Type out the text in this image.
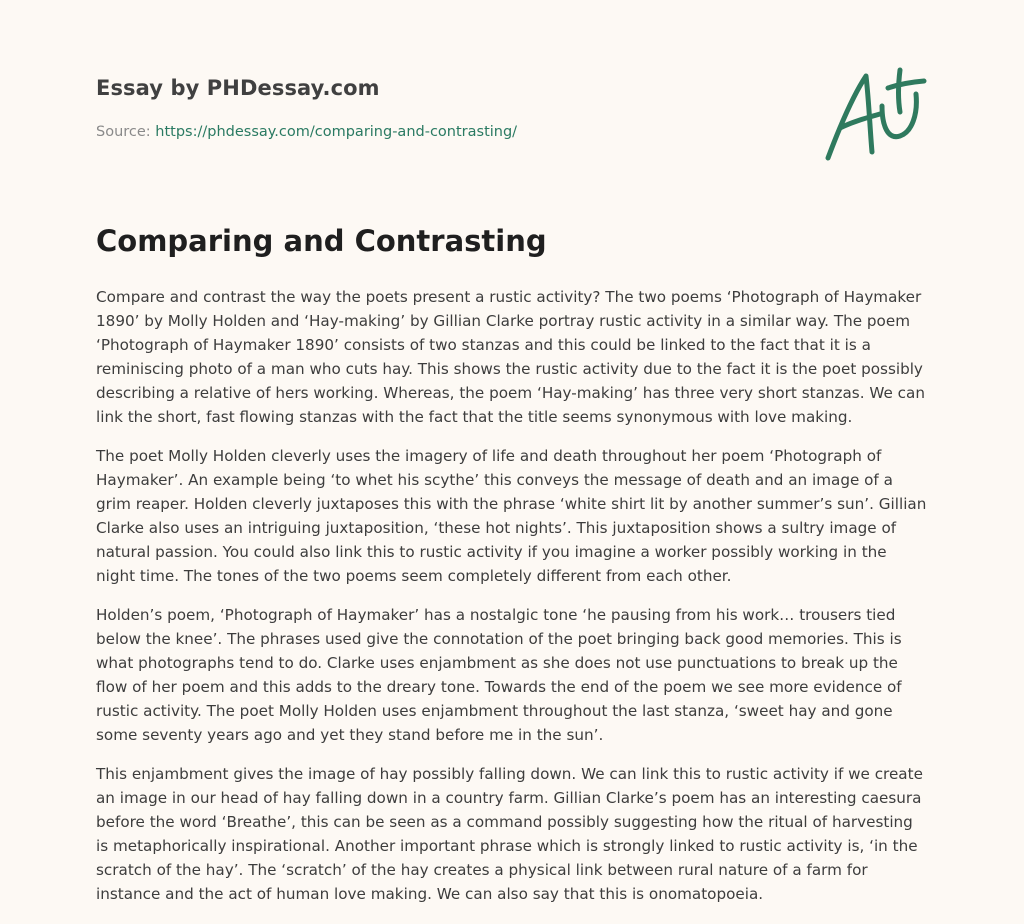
Essay by PHDessay.com

Source: https://phdessay.com/comparing-and-contrasting/

Comparing and Contrasting

Compare and contrast the way the poets present a rustic activity? The two poems ‘Photograph of Haymaker 1890’ by Molly Holden and ‘Hay-making’ by Gillian Clarke portray rustic activity in a similar way. The poem ‘Photograph of Haymaker 1890’ consists of two stanzas and this could be linked to the fact that it is a reminiscing photo of a man who cuts hay. This shows the rustic activity due to the fact it is the poet possibly describing a relative of hers working. Whereas, the poem ‘Hay-making’ has three very short stanzas. We can link the short, fast flowing stanzas with the fact that the title seems synonymous with love making.

The poet Molly Holden cleverly uses the imagery of life and death throughout her poem ‘Photograph of Haymaker’. An example being ‘to whet his scythe’ this conveys the message of death and an image of a grim reaper. Holden cleverly juxtaposes this with the phrase ‘white shirt lit by another summer’s sun’. Gillian Clarke also uses an intriguing juxtaposition, ‘these hot nights’. This juxtaposition shows a sultry image of natural passion. You could also link this to rustic activity if you imagine a worker possibly working in the night time. The tones of the two poems seem completely different from each other.

Holden’s poem, ‘Photograph of Haymaker’ has a nostalgic tone ‘he pausing from his work… trousers tied below the knee’. The phrases used give the connotation of the poet bringing back good memories. This is what photographs tend to do. Clarke uses enjambment as she does not use punctuations to break up the flow of her poem and this adds to the dreary tone. Towards the end of the poem we see more evidence of rustic activity. The poet Molly Holden uses enjambment throughout the last stanza, ‘sweet hay and gone some seventy years ago and yet they stand before me in the sun’.

This enjambment gives the image of hay possibly falling down. We can link this to rustic activity if we create an image in our head of hay falling down in a country farm. Gillian Clarke’s poem has an interesting caesura before the word ‘Breathe’, this can be seen as a command possibly suggesting how the ritual of harvesting is metaphorically inspirational. Another important phrase which is strongly linked to rustic activity is, ‘in the scratch of the hay’. The ‘scratch’ of the hay creates a physical link between rural nature of a farm for instance and the act of human love making. We can also say that this is onomatopoeia.
